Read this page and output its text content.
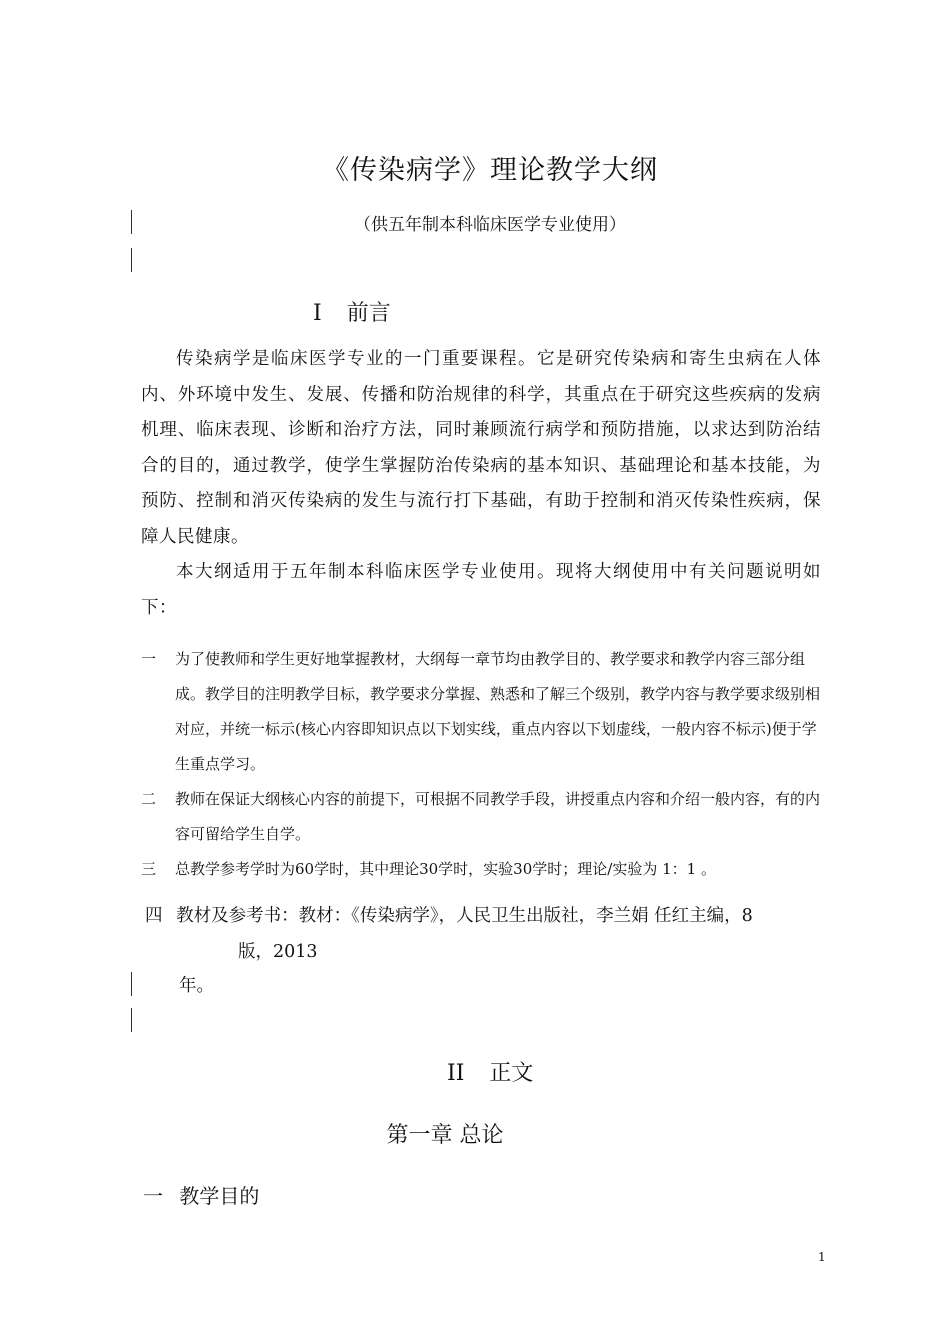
《传染病学》理论教学大纲
（供五年制本科临床医学专业使用）
I 前言

传染病学是临床医学专业的一门重要课程。它是研究传染病和寄生虫病在人体内、外环境中发生、发展、传播和防治规律的科学，其重点在于研究这些疾病的发病机理、临床表现、诊断和治疗方法，同时兼顾流行病学和预防措施，以求达到防治结合的目的，通过教学，使学生掌握防治传染病的基本知识、基础理论和基本技能，为预防、控制和消灭传染病的发生与流行打下基础，有助于控制和消灭传染性疾病，保障人民健康。

本大纲适用于五年制本科临床医学专业使用。现将大纲使用中有关问题说明如下：

一 为了使教师和学生更好地掌握教材，大纲每一章节均由教学目的、教学要求和教学内容三部分组成。教学目的注明教学目标，教学要求分掌握、熟悉和了解三个级别，教学内容与教学要求级别相对应，并统一标示(核心内容即知识点以下划实线，重点内容以下划虚线，一般内容不标示)便于学生重点学习。
二 教师在保证大纲核心内容的前提下，可根据不同教学手段，讲授重点内容和介绍一般内容，有的内容可留给学生自学。
三 总教学参考学时为60学时，其中理论30学时，实验30学时；理论/实验为 1：1 。
四 教材及参考书：教材：《传染病学》，人民卫生出版社，李兰娟 任红主编，8
版，2013
年。
II 正文
第一章 总论
一 教学目的
1
